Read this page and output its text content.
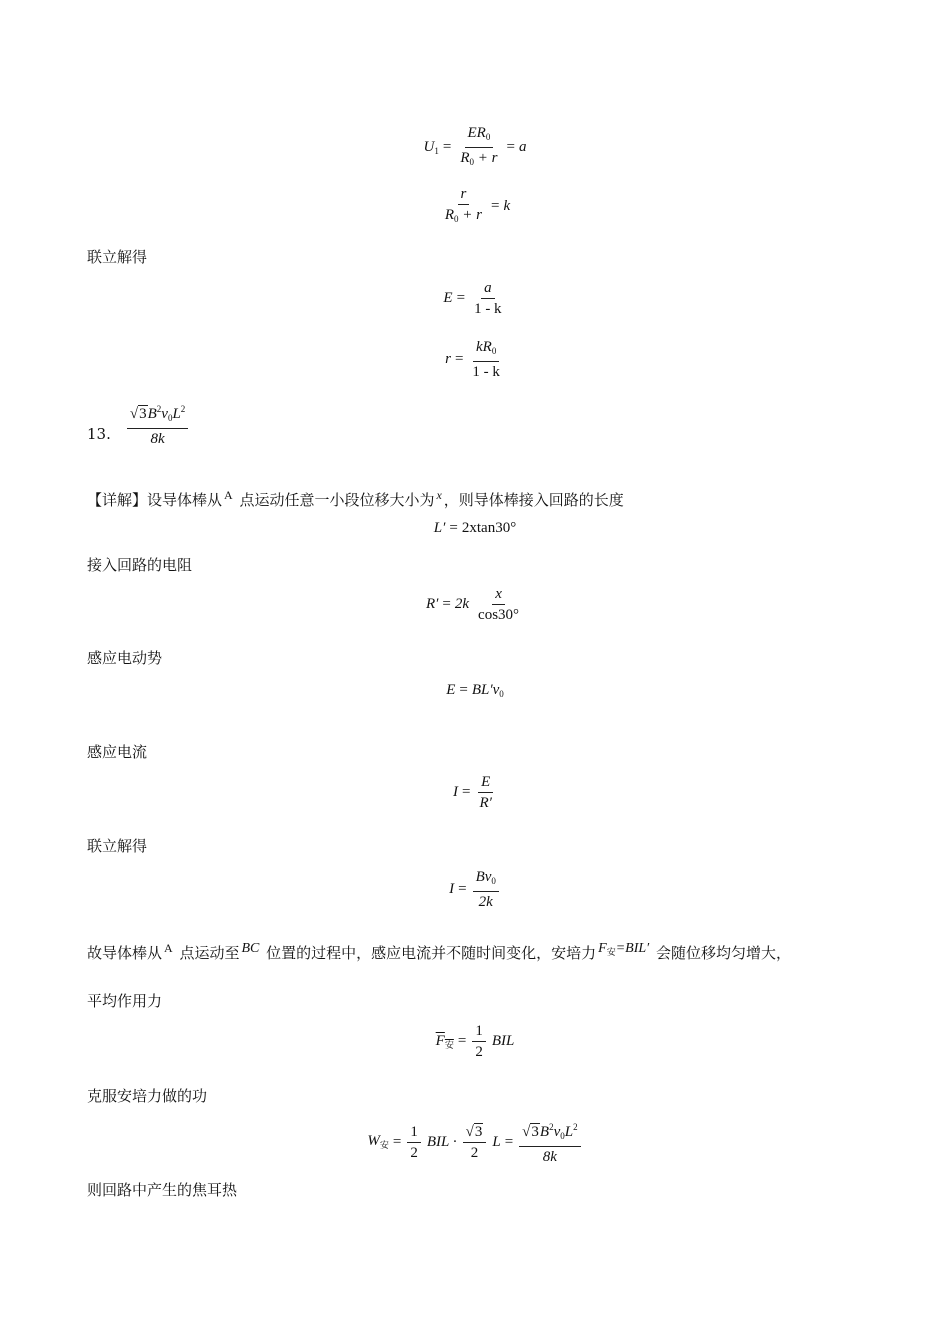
$U_1 = \frac{ER_0}{R_0 + r} = a$
$\frac{r}{R_0 + r} = k$
联立解得
$E = \frac{a}{1 - k}$
$r = \frac{kR_0}{1 - k}$
13. $\frac{√ 3 B^2v_0L^2}{8k}$
【详解】设导体棒从 $^A$ 点运动任意一小段位移大小为 $^x$ ，则导体棒接入回路的长度
L′ = 2xtan30°
接入回路的电阻
$R' = 2k \frac{x}{\cos 30^\circ}$
感应电动势
$E = BL'v_0$
感应电流
$I = \frac{E}{R'}$
联立解得
$I = \frac{Bv_0}{2k}$
故导体棒从 $^A$ 点运动至 BC 位置的过程中，感应电流并不随时间变化，安培力 $F_安=BIL'$ 会随位移均匀增大，
平均作用力
$F_安 = \frac{1}{2}$ BIL
克服安培力做的功
$W_安 = \frac{1}{2}$ BIL · $\frac{√ 3}{2}$ $L = \frac{√ 3 B^2v_0L^2}{8k}$
则回路中产生的焦耳热
